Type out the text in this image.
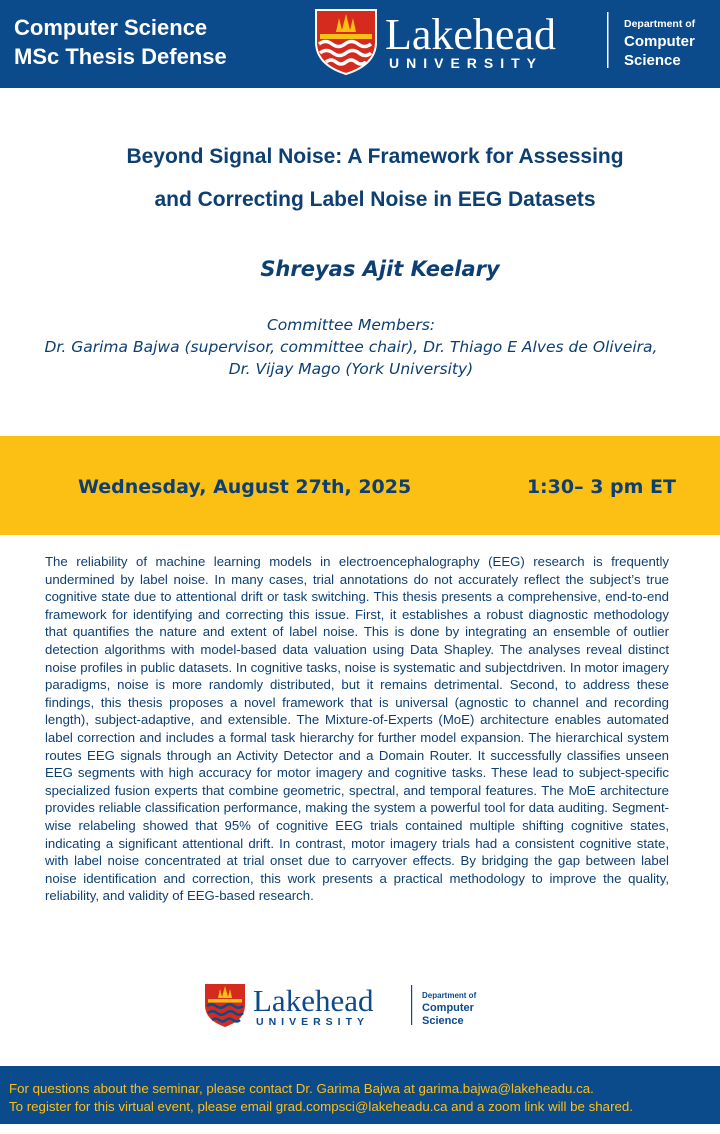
Computer Science
MSc Thesis Defense	Lakehead
UNIVERSITY
Department of
Computer
Science
Beyond Signal Noise: A Framework for Assessing
and Correcting Label Noise in EEG Datasets
Shreyas Ajit Keelary
Committee Members:
Dr. Garima Bajwa (supervisor, committee chair), Dr. Thiago E Alves de Oliveira,
Dr. Vijay Mago (York University)
Wednesday, August 27th, 2025	1:30– 3 pm ET

The reliability of machine learning models in electroencephalography (EEG) research is frequently undermined by label noise. In many cases, trial annotations do not accurately reflect the subject’s true cognitive state due to attentional drift or task switching. This thesis presents a comprehensive, end-to-end framework for identifying and correcting this issue. First, it establishes a robust diagnostic methodology that quantifies the nature and extent of label noise. This is done by integrating an ensemble of outlier detection algorithms with model-based data valuation using Data Shapley. The analyses reveal distinct noise profiles in public datasets. In cognitive tasks, noise is systematic and subjectdriven. In motor imagery paradigms, noise is more randomly distributed, but it remains detrimental. Second, to address these findings, this thesis proposes a novel framework that is universal (agnostic to channel and recording length), subject-adaptive, and extensible. The Mixture-of-Experts (MoE) architecture enables automated label correction and includes a formal task hierarchy for further model expansion. The hierarchical system routes EEG signals through an Activity Detector and a Domain Router. It successfully classifies unseen EEG segments with high accuracy for motor imagery and cognitive tasks. These lead to subject-specific specialized fusion experts that combine geometric, spectral, and temporal features. The MoE architecture provides reliable classification performance, making the system a powerful tool for data auditing. Segment-wise relabeling showed that 95% of cognitive EEG trials contained multiple shifting cognitive states, indicating a significant attentional drift. In contrast, motor imagery trials had a consistent cognitive state, with label noise concentrated at trial onset due to carryover effects. By bridging the gap between label noise identification and correction, this work presents a practical methodology to improve the quality, reliability, and validity of EEG-based research.

Lakehead
UNIVERSITY
Department of
Computer
Science
For questions about the seminar, please contact Dr. Garima Bajwa at garima.bajwa@lakeheadu.ca.
To register for this virtual event, please email grad.compsci@lakeheadu.ca and a zoom link will be shared.
